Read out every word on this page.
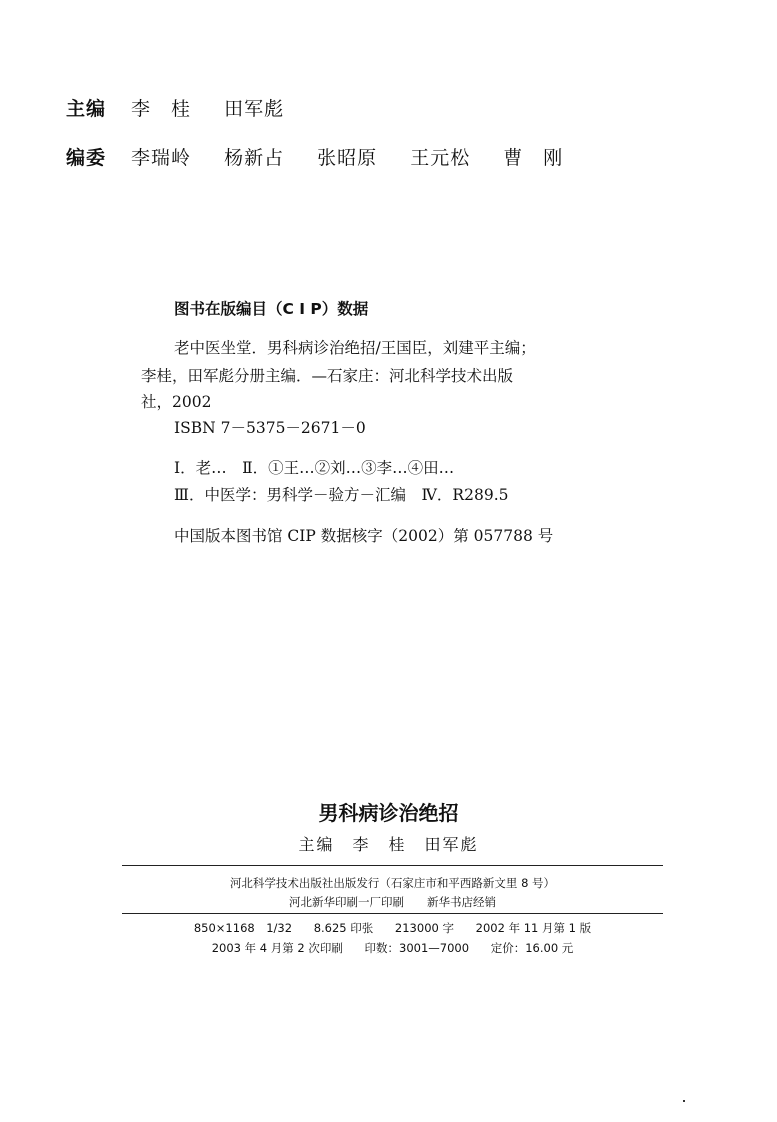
主编 李　桂 田军彪
编委 李瑞岭 杨新占 张昭原 王元松 曹　刚
图书在版编目（C I P）数据
老中医坐堂．男科病诊治绝招/王国臣，刘建平主编；
李桂，田军彪分册主编．—石家庄：河北科学技术出版
社，2002
ISBN 7－5375－2671－0
Ⅰ．老…　Ⅱ．①王…②刘…③李…④田…
Ⅲ．中医学：男科学－验方－汇编　Ⅳ．R289.5
中国版本图书馆 CIP 数据核字（2002）第 057788 号
男科病诊治绝招
主编　李　桂　田军彪
河北科学技术出版社出版发行（石家庄市和平西路新文里 8 号）
河北新华印刷一厂印刷　　新华书店经销
850×1168　1/32 8.625 印张 213000 字 2002 年 11 月第 1 版
2003 年 4 月第 2 次印刷 印数：3001—7000 定价：16.00 元
